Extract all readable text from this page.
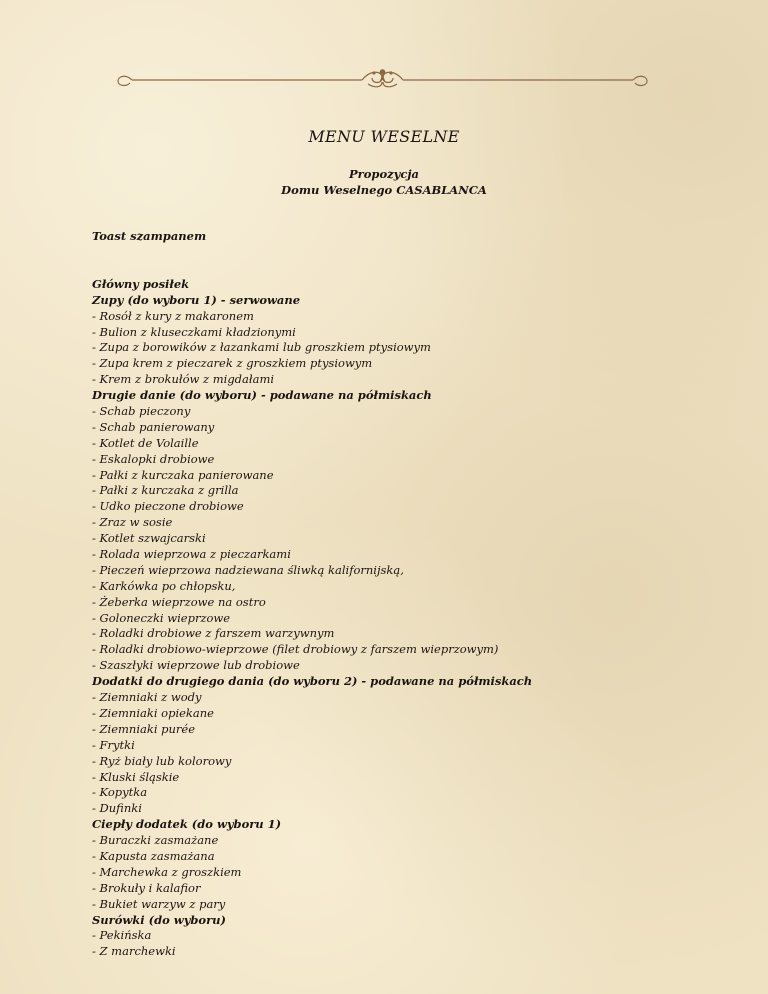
MENU WESELNE
Propozycja
Domu Weselnego CASABLANCA
Toast szampanem
Główny posiłek
Zupy (do wyboru 1) - serwowane
- Rosół z kury z makaronem
- Bulion z kluseczkami kładzionymi
- Zupa z borowików z łazankami lub groszkiem ptysiowym
- Zupa krem z pieczarek z groszkiem ptysiowym
- Krem z brokułów z migdałami
Drugie danie (do wyboru) - podawane na półmiskach
- Schab pieczony
- Schab panierowany
- Kotlet de Volaille
- Eskalopki drobiowe
- Pałki z kurczaka panierowane
- Pałki z kurczaka z grilla
- Udko pieczone drobiowe
- Zraz w sosie
- Kotlet szwajcarski
- Rolada wieprzowa z pieczarkami
- Pieczeń wieprzowa nadziewana śliwką kalifornijską,
- Karkówka po chłopsku,
- Żeberka wieprzowe na ostro
- Goloneczki wieprzowe
- Roladki drobiowe z farszem warzywnym
- Roladki drobiowo-wieprzowe (filet drobiowy z farszem wieprzowym)
- Szaszłyki wieprzowe lub drobiowe
Dodatki do drugiego dania (do wyboru 2) - podawane na półmiskach
- Ziemniaki z wody
- Ziemniaki opiekane
- Ziemniaki purée
- Frytki
- Ryż biały lub kolorowy
- Kluski śląskie
- Kopytka
- Dufinki
Ciepły dodatek (do wyboru 1)
- Buraczki zasmażane
- Kapusta zasmażana
- Marchewka z groszkiem
- Brokuły i kalafior
- Bukiet warzyw z pary
Surówki (do wyboru)
- Pekińska
- Z marchewki
